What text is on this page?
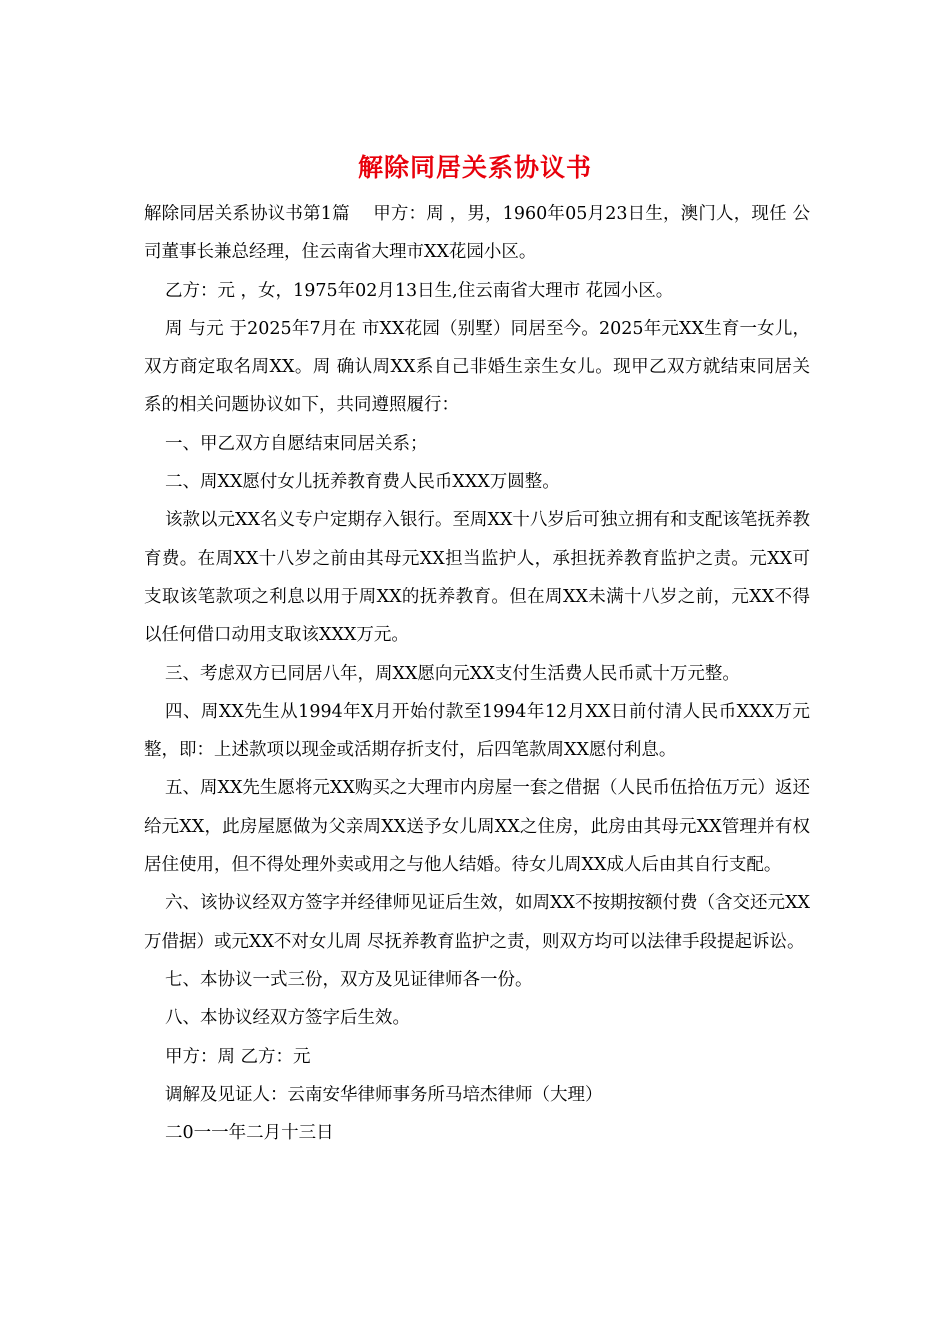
解除同居关系协议书

解除同居关系协议书第1篇　 甲方：周 ，男，1960年05月23日生，澳门人，现任 公司董事长兼总经理，住云南省大理市XX花园小区。

乙方：元 ，女，1975年02月13日生,住云南省大理市 花园小区。

周 与元 于2025年7月在 市XX花园（别墅）同居至今。2025年元XX生育一女儿，双方商定取名周XX。周 确认周XX系自己非婚生亲生女儿。现甲乙双方就结束同居关系的相关问题协议如下，共同遵照履行：

一、甲乙双方自愿结束同居关系；

二、周XX愿付女儿抚养教育费人民币XXX万圆整。

该款以元XX名义专户定期存入银行。至周XX十八岁后可独立拥有和支配该笔抚养教育费。在周XX十八岁之前由其母元XX担当监护人，承担抚养教育监护之责。元XX可支取该笔款项之利息以用于周XX的抚养教育。但在周XX未满十八岁之前，元XX不得以任何借口动用支取该XXX万元。

三、考虑双方已同居八年，周XX愿向元XX支付生活费人民币贰十万元整。

四、周XX先生从1994年X月开始付款至1994年12月XX日前付清人民币XXX万元整，即：上述款项以现金或活期存折支付，后四笔款周XX愿付利息。

五、周XX先生愿将元XX购买之大理市内房屋一套之借据（人民币伍拾伍万元）返还给元XX，此房屋愿做为父亲周XX送予女儿周XX之住房，此房由其母元XX管理并有权居住使用，但不得处理外卖或用之与他人结婚。待女儿周XX成人后由其自行支配。

六、该协议经双方签字并经律师见证后生效，如周XX不按期按额付费（含交还元XX万借据）或元XX不对女儿周 尽抚养教育监护之责，则双方均可以法律手段提起诉讼。

七、本协议一式三份，双方及见证律师各一份。

八、本协议经双方签字后生效。

甲方：周 乙方：元

调解及见证人：云南安华律师事务所马培杰律师（大理）

二0一一年二月十三日
